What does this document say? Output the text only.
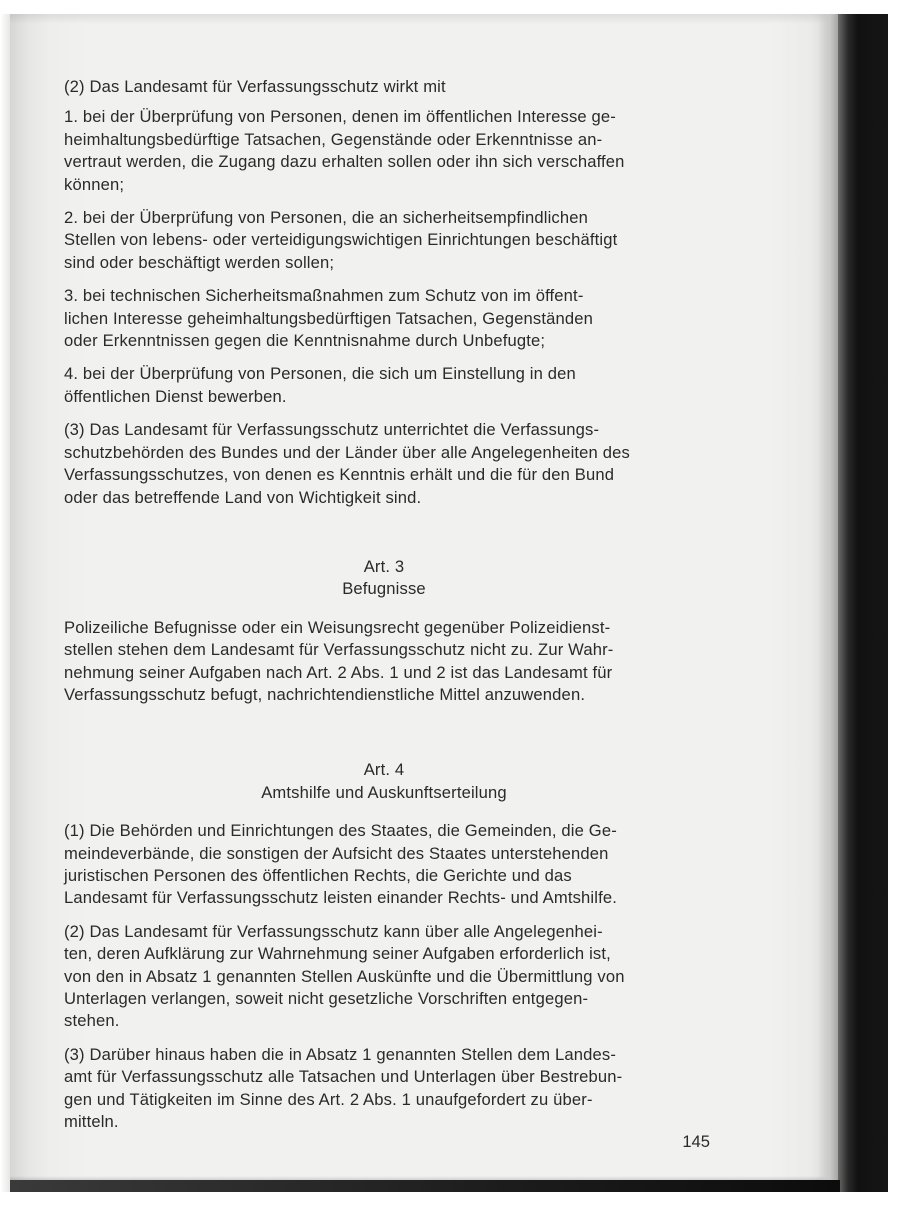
(2) Das Landesamt für Verfassungsschutz wirkt mit

1. bei der Überprüfung von Personen, denen im öffentlichen Interesse ge-
heimhaltungsbedürftige Tatsachen, Gegenstände oder Erkenntnisse an-
vertraut werden, die Zugang dazu erhalten sollen oder ihn sich verschaffen
können;

2. bei der Überprüfung von Personen, die an sicherheitsempfindlichen
Stellen von lebens- oder verteidigungswichtigen Einrichtungen beschäftigt
sind oder beschäftigt werden sollen;

3. bei technischen Sicherheitsmaßnahmen zum Schutz von im öffent-
lichen Interesse geheimhaltungsbedürftigen Tatsachen, Gegenständen
oder Erkenntnissen gegen die Kenntnisnahme durch Unbefugte;

4. bei der Überprüfung von Personen, die sich um Einstellung in den
öffentlichen Dienst bewerben.

(3) Das Landesamt für Verfassungsschutz unterrichtet die Verfassungs-
schutzbehörden des Bundes und der Länder über alle Angelegenheiten des
Verfassungsschutzes, von denen es Kenntnis erhält und die für den Bund
oder das betreffende Land von Wichtigkeit sind.

Art. 3
Befugnisse

Polizeiliche Befugnisse oder ein Weisungsrecht gegenüber Polizeidienst-
stellen stehen dem Landesamt für Verfassungsschutz nicht zu. Zur Wahr-
nehmung seiner Aufgaben nach Art. 2 Abs. 1 und 2 ist das Landesamt für
Verfassungsschutz befugt, nachrichtendienstliche Mittel anzuwenden.

Art. 4
Amtshilfe und Auskunftserteilung

(1) Die Behörden und Einrichtungen des Staates, die Gemeinden, die Ge-
meindeverbände, die sonstigen der Aufsicht des Staates unterstehenden
juristischen Personen des öffentlichen Rechts, die Gerichte und das
Landesamt für Verfassungsschutz leisten einander Rechts- und Amtshilfe.

(2) Das Landesamt für Verfassungsschutz kann über alle Angelegenhei-
ten, deren Aufklärung zur Wahrnehmung seiner Aufgaben erforderlich ist,
von den in Absatz 1 genannten Stellen Auskünfte und die Übermittlung von
Unterlagen verlangen, soweit nicht gesetzliche Vorschriften entgegen-
stehen.

(3) Darüber hinaus haben die in Absatz 1 genannten Stellen dem Landes-
amt für Verfassungsschutz alle Tatsachen und Unterlagen über Bestrebun-
gen und Tätigkeiten im Sinne des Art. 2 Abs. 1 unaufgefordert zu über-
mitteln.

145
